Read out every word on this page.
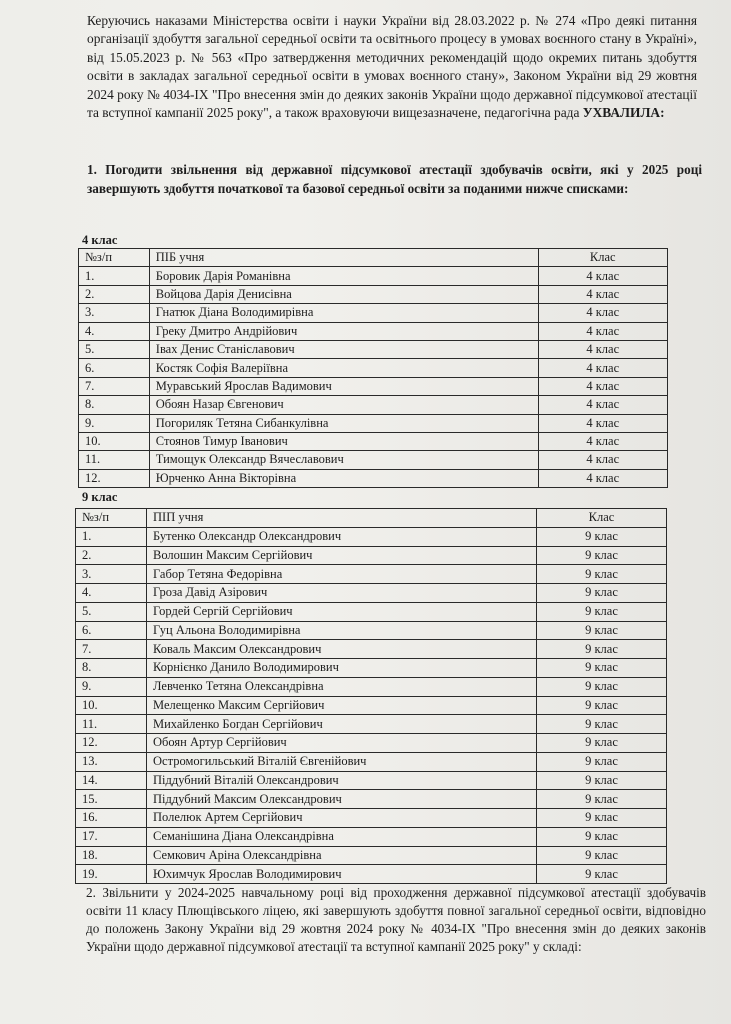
Керуючись наказами Міністерства освіти і науки України від 28.03.2022 р. № 274 «Про деякі питання організації здобуття загальної середньої освіти та освітнього процесу в умовах воєнного стану в Україні», від 15.05.2023 р. № 563 «Про затвердження методичних рекомендацій щодо окремих питань здобуття освіти в закладах загальної середньої освіти в умовах воєнного стану», Законом України від 29 жовтня 2024 року № 4034-IX "Про внесення змін до деяких законів України щодо державної підсумкової атестації та вступної кампанії 2025 року", а також враховуючи вищезазначене, педагогічна рада УХВАЛИЛА:
1. Погодити звільнення від державної підсумкової атестації здобувачів освіти, які у 2025 році завершують здобуття початкової та базової середньої освіти за поданими нижче списками:
4 клас
№з/п	ПІБ учня	Клас
1.	Боровик Дарія Романівна	4 клас
2.	Войцова Дарія Денисівна	4 клас
3.	Гнатюк Діана Володимирівна	4 клас
4.	Греку Дмитро Андрійович	4 клас
5.	Івах Денис Станіславович	4 клас
6.	Костяк Софія Валеріївна	4 клас
7.	Муравський Ярослав Вадимович	4 клас
8.	Обоян Назар Євгенович	4 клас
9.	Погориляк Тетяна Сибанкулівна	4 клас
10.	Стоянов Тимур Іванович	4 клас
11.	Тимощук Олександр Вячеславович	4 клас
12.	Юрченко Анна Вікторівна	4 клас
9 клас
№з/п	ПІП учня	Клас
1.	Бутенко Олександр Олександрович	9 клас
2.	Волошин Максим Сергійович	9 клас
3.	Габор Тетяна Федорівна	9 клас
4.	Гроза Давід Азірович	9 клас
5.	Гордей Сергій Сергійович	9 клас
6.	Гуц Альона Володимирівна	9 клас
7.	Коваль Максим Олександрович	9 клас
8.	Корнієнко Данило Володимирович	9 клас
9.	Левченко Тетяна Олександрівна	9 клас
10.	Мелещенко Максим Сергійович	9 клас
11.	Михайленко Богдан Сергійович	9 клас
12.	Обоян Артур Сергійович	9 клас
13.	Остромогильський Віталій Євгенійович	9 клас
14.	Піддубний Віталій Олександрович	9 клас
15.	Піддубний Максим Олександрович	9 клас
16.	Полелюк Артем Сергійович	9 клас
17.	Семанішина Діана Олександрівна	9 клас
18.	Семкович Аріна Олександрівна	9 клас
19.	Юхимчук Ярослав Володимирович	9 клас
2. Звільнити у 2024-2025 навчальному році від проходження державної підсумкової атестації здобувачів освіти 11 класу Плющівського ліцею, які завершують здобуття повної загальної середньої освіти, відповідно до положень Закону України від 29 жовтня 2024 року № 4034-IX "Про внесення змін до деяких законів України щодо державної підсумкової атестації та вступної кампанії 2025 року" у складі:
